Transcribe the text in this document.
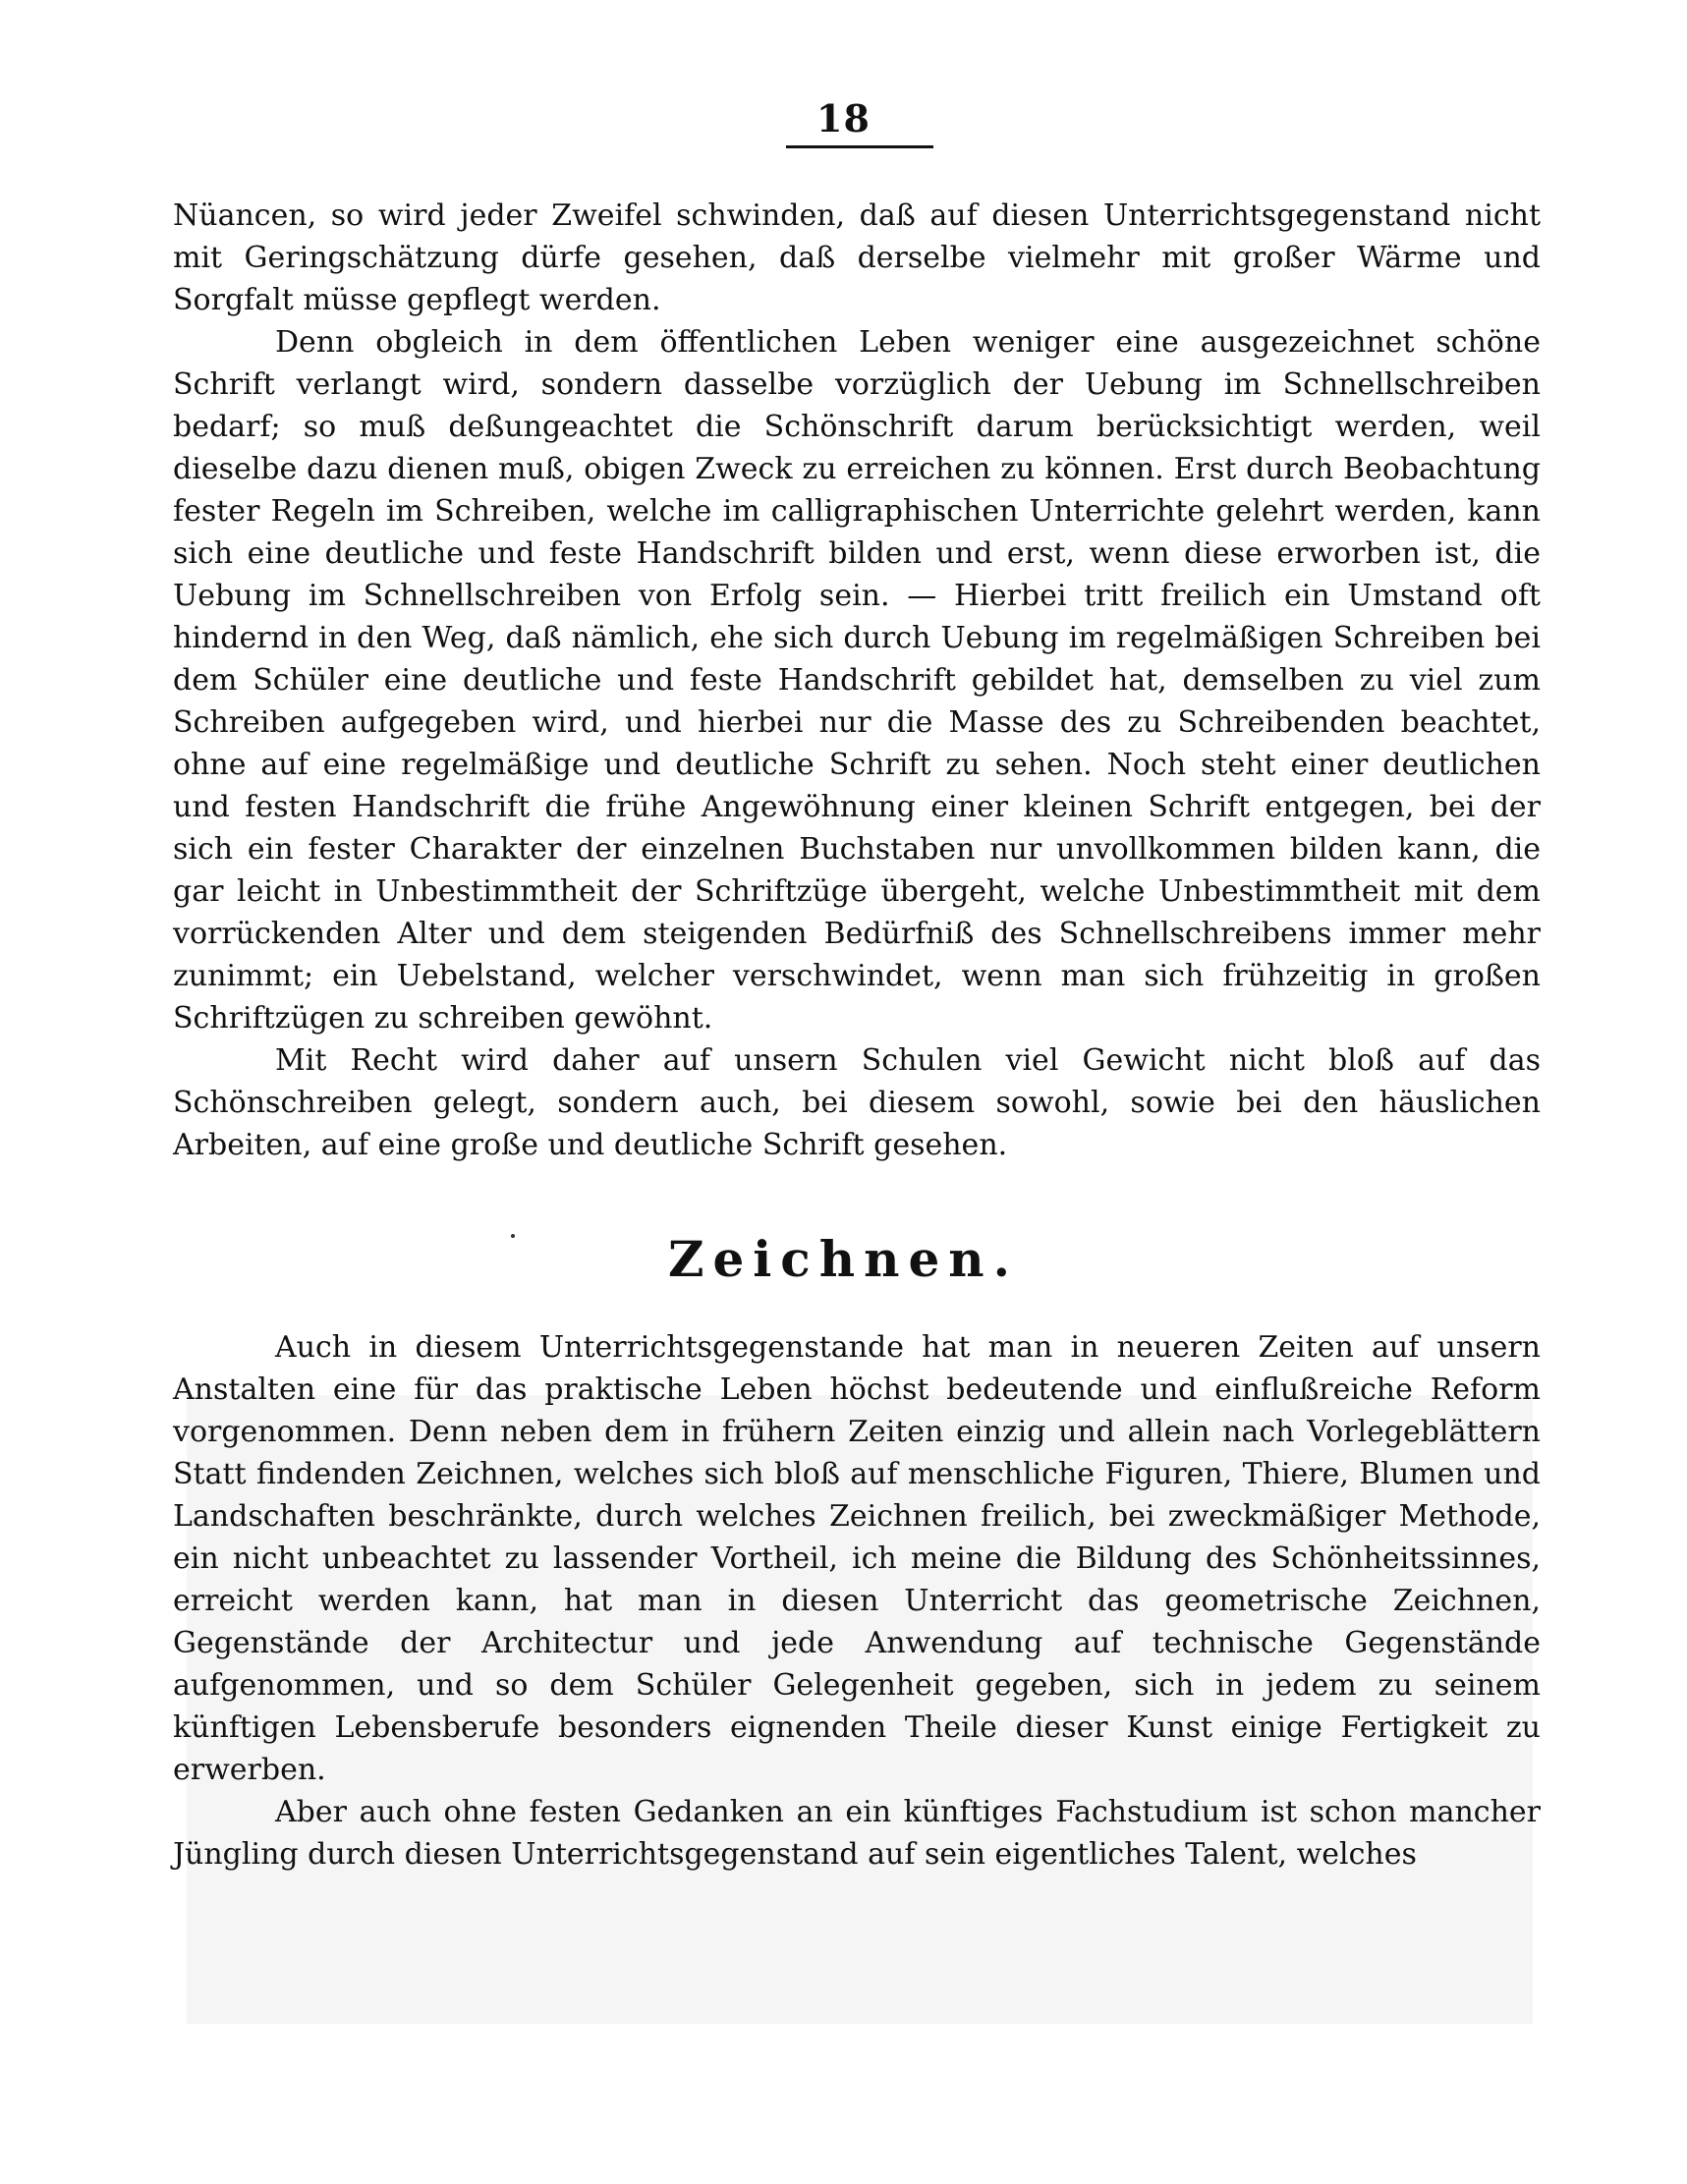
18

Nüancen, so wird jeder Zweifel schwinden, daß auf diesen Unterrichtsgegenstand nicht mit Geringschätzung dürfe gesehen, daß derselbe vielmehr mit großer Wärme und Sorgfalt müsse gepflegt werden.

Denn obgleich in dem öffentlichen Leben weniger eine ausgezeichnet schöne Schrift verlangt wird, sondern dasselbe vorzüglich der Uebung im Schnellschreiben bedarf; so muß deßungeachtet die Schönschrift darum berücksichtigt werden, weil dieselbe dazu dienen muß, obigen Zweck zu erreichen zu können. Erst durch Beobachtung fester Regeln im Schreiben, welche im calligraphischen Unterrichte gelehrt werden, kann sich eine deutliche und feste Handschrift bilden und erst, wenn diese erworben ist, die Uebung im Schnellschreiben von Erfolg sein. — Hierbei tritt freilich ein Umstand oft hindernd in den Weg, daß nämlich, ehe sich durch Uebung im regelmäßigen Schreiben bei dem Schüler eine deutliche und feste Handschrift gebildet hat, demselben zu viel zum Schreiben aufgegeben wird, und hierbei nur die Masse des zu Schreibenden beachtet, ohne auf eine regelmäßige und deutliche Schrift zu sehen. Noch steht einer deutlichen und festen Handschrift die frühe Angewöhnung einer kleinen Schrift entgegen, bei der sich ein fester Charakter der einzelnen Buchstaben nur unvollkommen bilden kann, die gar leicht in Unbestimmtheit der Schriftzüge übergeht, welche Unbestimmtheit mit dem vorrückenden Alter und dem steigenden Bedürfniß des Schnellschreibens immer mehr zunimmt; ein Uebelstand, welcher verschwindet, wenn man sich frühzeitig in großen Schriftzügen zu schreiben gewöhnt.

Mit Recht wird daher auf unsern Schulen viel Gewicht nicht bloß auf das Schönschreiben gelegt, sondern auch, bei diesem sowohl, sowie bei den häuslichen Arbeiten, auf eine große und deutliche Schrift gesehen.

Zeichnen.

Auch in diesem Unterrichtsgegenstande hat man in neueren Zeiten auf unsern Anstalten eine für das praktische Leben höchst bedeutende und einflußreiche Reform vorgenommen. Denn neben dem in frühern Zeiten einzig und allein nach Vorlegeblättern Statt findenden Zeichnen, welches sich bloß auf menschliche Figuren, Thiere, Blumen und Landschaften beschränkte, durch welches Zeichnen freilich, bei zweckmäßiger Methode, ein nicht unbeachtet zu lassender Vortheil, ich meine die Bildung des Schönheitssinnes, erreicht werden kann, hat man in diesen Unterricht das geometrische Zeichnen, Gegenstände der Architectur und jede Anwendung auf technische Gegenstände aufgenommen, und so dem Schüler Gelegenheit gegeben, sich in jedem zu seinem künftigen Lebensberufe besonders eignenden Theile dieser Kunst einige Fertigkeit zu erwerben.

Aber auch ohne festen Gedanken an ein künftiges Fachstudium ist schon mancher Jüngling durch diesen Unterrichtsgegenstand auf sein eigentliches Talent, welches
